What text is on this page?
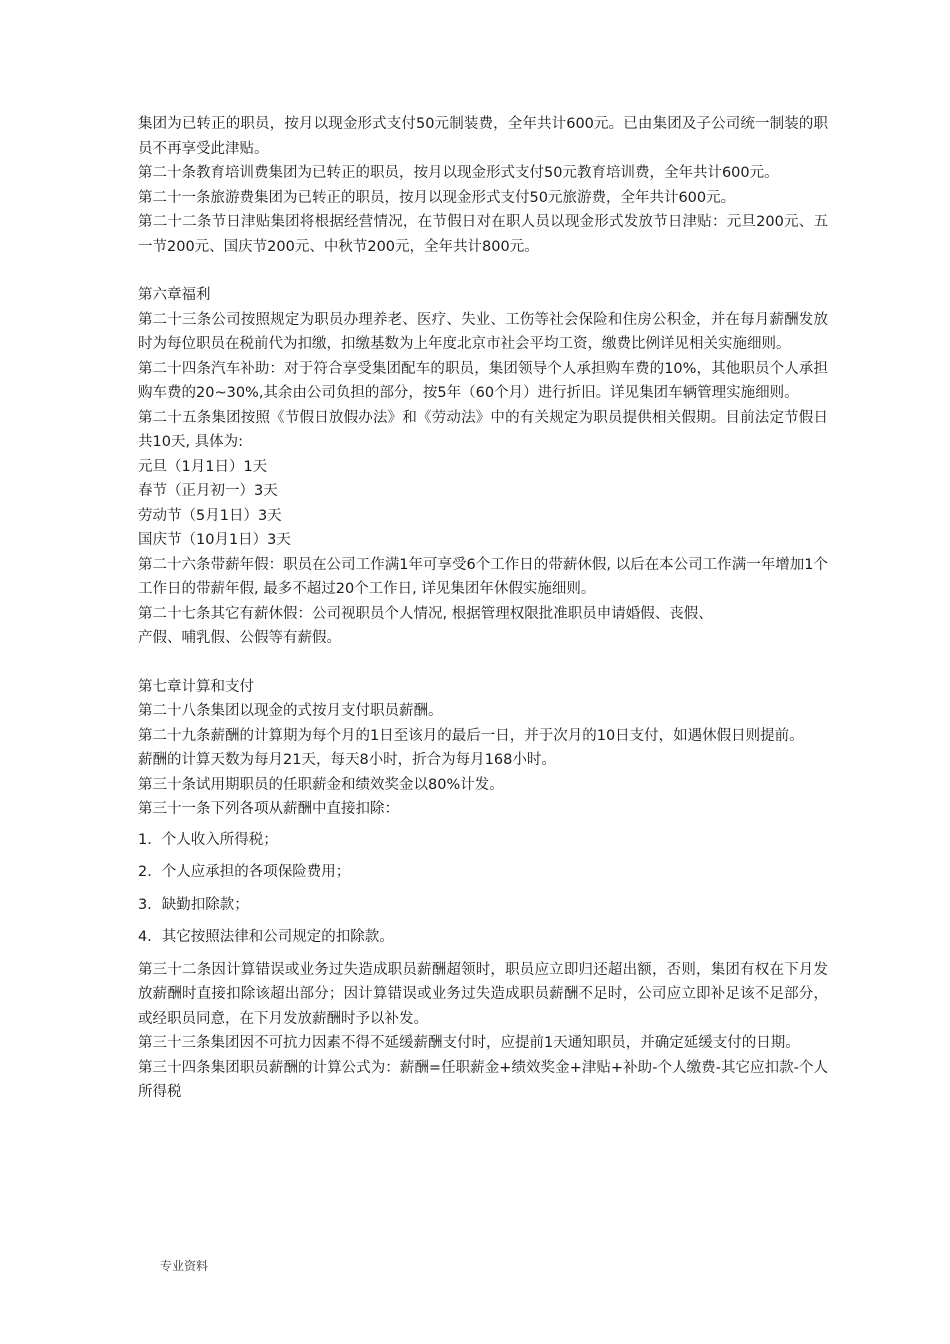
集团为已转正的职员，按月以现金形式支付50元制装费，全年共计600元。已由集团及子公司统一制装的职员不再享受此津贴。

第二十条教育培训费集团为已转正的职员，按月以现金形式支付50元教育培训费，全年共计600元。

第二十一条旅游费集团为已转正的职员，按月以现金形式支付50元旅游费，全年共计600元。

第二十二条节日津贴集团将根据经营情况，在节假日对在职人员以现金形式发放节日津贴：元旦200元、五一节200元、国庆节200元、中秋节200元，全年共计800元。

第六章福利

第二十三条公司按照规定为职员办理养老、医疗、失业、工伤等社会保险和住房公积金，并在每月薪酬发放时为每位职员在税前代为扣缴，扣缴基数为上年度北京市社会平均工资，缴费比例详见相关实施细则。

第二十四条汽车补助：对于符合享受集团配车的职员，集团领导个人承担购车费的10%，其他职员个人承担购车费的20~30%,其余由公司负担的部分，按5年（60个月）进行折旧。详见集团车辆管理实施细则。

第二十五条集团按照《节假日放假办法》和《劳动法》中的有关规定为职员提供相关假期。目前法定节假日共10天, 具体为:

元旦（1月1日）1天

春节（正月初一）3天

劳动节（5月1日）3天

国庆节（10月1日）3天

第二十六条带薪年假：职员在公司工作满1年可享受6个工作日的带薪休假, 以后在本公司工作满一年增加1个工作日的带薪年假, 最多不超过20个工作日, 详见集团年休假实施细则。

第二十七条其它有薪休假：公司视职员个人情况, 根据管理权限批准职员申请婚假、丧假、

产假、哺乳假、公假等有薪假。

第七章计算和支付

第二十八条集团以现金的式按月支付职员薪酬。

第二十九条薪酬的计算期为每个月的1日至该月的最后一日，并于次月的10日支付，如遇休假日则提前。

薪酬的计算天数为每月21天，每天8小时，折合为每月168小时。

第三十条试用期职员的任职薪金和绩效奖金以80%计发。

第三十一条下列各项从薪酬中直接扣除：

1．个人收入所得税；

2．个人应承担的各项保险费用；

3．缺勤扣除款；

4．其它按照法律和公司规定的扣除款。

第三十二条因计算错误或业务过失造成职员薪酬超领时，职员应立即归还超出额，否则，集团有权在下月发放薪酬时直接扣除该超出部分；因计算错误或业务过失造成职员薪酬不足时，公司应立即补足该不足部分，或经职员同意，在下月发放薪酬时予以补发。

第三十三条集团因不可抗力因素不得不延缓薪酬支付时，应提前1天通知职员，并确定延缓支付的日期。

第三十四条集团职员薪酬的计算公式为：薪酬=任职薪金+绩效奖金+津贴+补助-个人缴费-其它应扣款-个人所得税

专业资料
